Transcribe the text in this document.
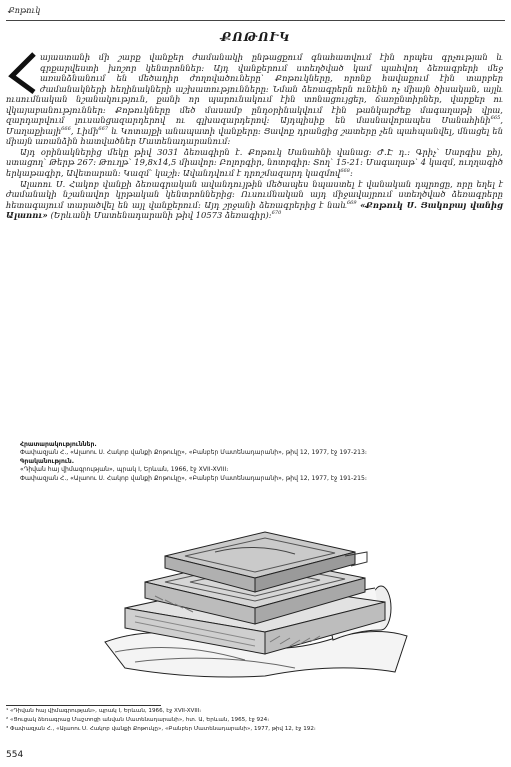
Քոթուկ
ՔՈԹՈՒԿ

այաստանի մի շարք վանքեր ժամանակի ընթացքում գնահատվում էին որպես գրչության և գրքարվեստի խոշոր կենտրոններ։ Այդ վանքերում ստեղծված կամ պահվող ձեռագրերի մեջ առանձնանում են մեծադիր ժողովածուները՝ Քոթուկները, որոնք հավաքում էին տարբեր ժամանակների հեղինակների աշխատությունները։ Նման ձեռագրերն ունեին ոչ միայն ծիսական, այլև ուսումնական նշանակություն, քանի որ պարունակում էին տոնացույցեր, ճառընտիրներ, վարքեր ու վկայաբանություններ։ Քոթուկները մեծ մասամբ ընդօրինակվում էին թանկարժեք մագաղաթի վրա, զարդարվում լուսանցազարդերով ու գլխազարդերով։ Այդպիսիք են մասնավորապես Սանահինի$^{665}$, Մաղաքիայի$^{666}$, Լիմի$^{667}$ և Կոտայքի անապատի վանքերը։ Ցավոք դրանցից շատերը չեն պահպանվել, մնացել են միայն առանձին հատվածներ Մատենադարանում։

Այդ օրինակներից մեկը թիվ 3031 ձեռագիրն է. Քոթուկ Սանահնի վանաց։ Ժ.Է դ.։ Գրիչ՝ Սարգիս քհյ, ստացող՝ Թերթ 267։ Թուղթ՝ 19,8x14,5 միավոր։ Բոլորգիր, նոտրգիր։ Տող՝ 15-21։ Մագաղաթ՝ 4 կազմ, ուղղագիծ երկաթագիր, Ավետարան։ Կազմ՝ կաշի։ Ավանդվում է դրոշմազարդ կազմով$^{668}$։

Ալաոու Ս. Հակոբ վանքի ձեռագրական ավանդույթին մեծապես նպաստել է վանական դպրոցը, որը եղել է ժամանակի նշանավոր կրթական կենտրոններից։ Ուսումնական այդ միջավայրում ստեղծված ձեռագրերը հետագայում տարածվել են այլ վանքերում։ Այդ շրջանի ձեռագրերից է նաև$^{669}$ «Քոթուկ Ս. Յակոբայ վանից Ալաոու» (Երևանի Մատենադարանի թիվ 10573 ձեռագիր)։$^{670}$

Հրատարակություններ.
Փափազյան Հ., «Ալաոու Ս. Հակոբ վանքի Քոթուկը», «Բանբեր Մատենադարանի», թիվ 12, 1977, էջ 197-213։
Գրականություն.
«Դիվան հայ վիմագրության», պրակ I, Երևան, 1966, էջ XVII-XVIII։
Փափազյան Հ., «Ալաոու Ս. Հակոբ վանքի Քոթուկը», «Բանբեր Մատենադարանի», թիվ 12, 1977, էջ 191-215։
¹ «Դիվան հայ վիմագրության», պրակ I, Երևան, 1966, էջ XVII-XVIII։
² «Ցուցակ ձեռագրաց Մաշտոցի անվան Մատենադարանի», հտ. Ա, Երևան, 1965, էջ 924։
³ Փափազյան Հ., «Ալաոու Ս. Հակոբ վանքի Քոթուկը», «Բանբեր Մատենադարանի», 1977, թիվ 12, էջ 192։
554
